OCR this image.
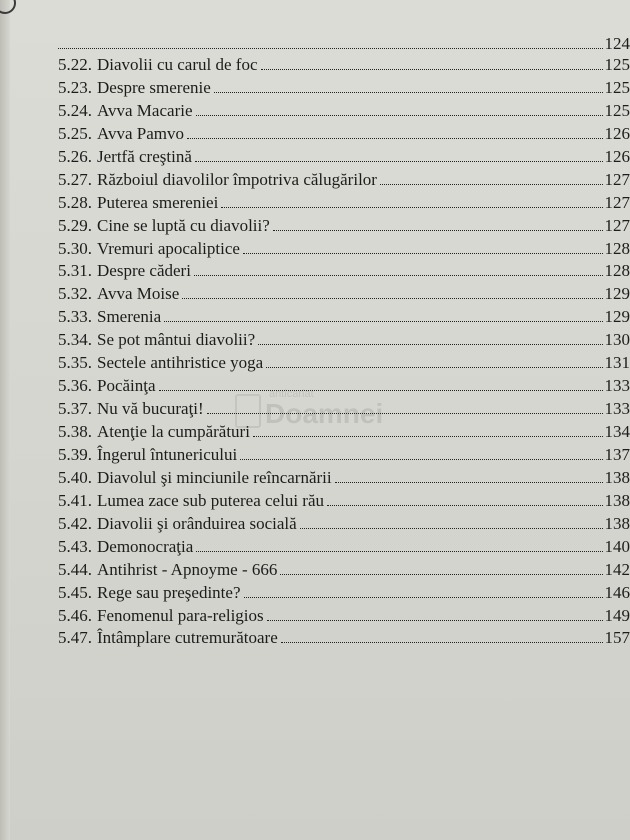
anticariat
Doamnei
124
5.22. Diavolii cu carul de foc	125
5.23. Despre smerenie	125
5.24. Avva Macarie	125
5.25. Avva Pamvo	126
5.26. Jertfă creştină	126
5.27. Războiul diavolilor împotriva călugărilor	127
5.28. Puterea smereniei	127
5.29. Cine se luptă cu diavolii?	127
5.30. Vremuri apocaliptice	128
5.31. Despre căderi	128
5.32. Avva Moise	129
5.33. Smerenia	129
5.34. Se pot mântui diavolii?	130
5.35. Sectele antihristice yoga	131
5.36. Pocăinţa	133
5.37. Nu vă bucuraţi!	133
5.38. Atenţie la cumpărături	134
5.39. Îngerul întunericului	137
5.40. Diavolul şi minciunile reîncarnării	138
5.41. Lumea zace sub puterea celui rău	138
5.42. Diavolii şi orânduirea socială	138
5.43. Demonocraţia	140
5.44. Antihrist - Apnoyme - 666	142
5.45. Rege sau preşedinte?	146
5.46. Fenomenul para-religios	149
5.47. Întâmplare cutremurătoare	157
